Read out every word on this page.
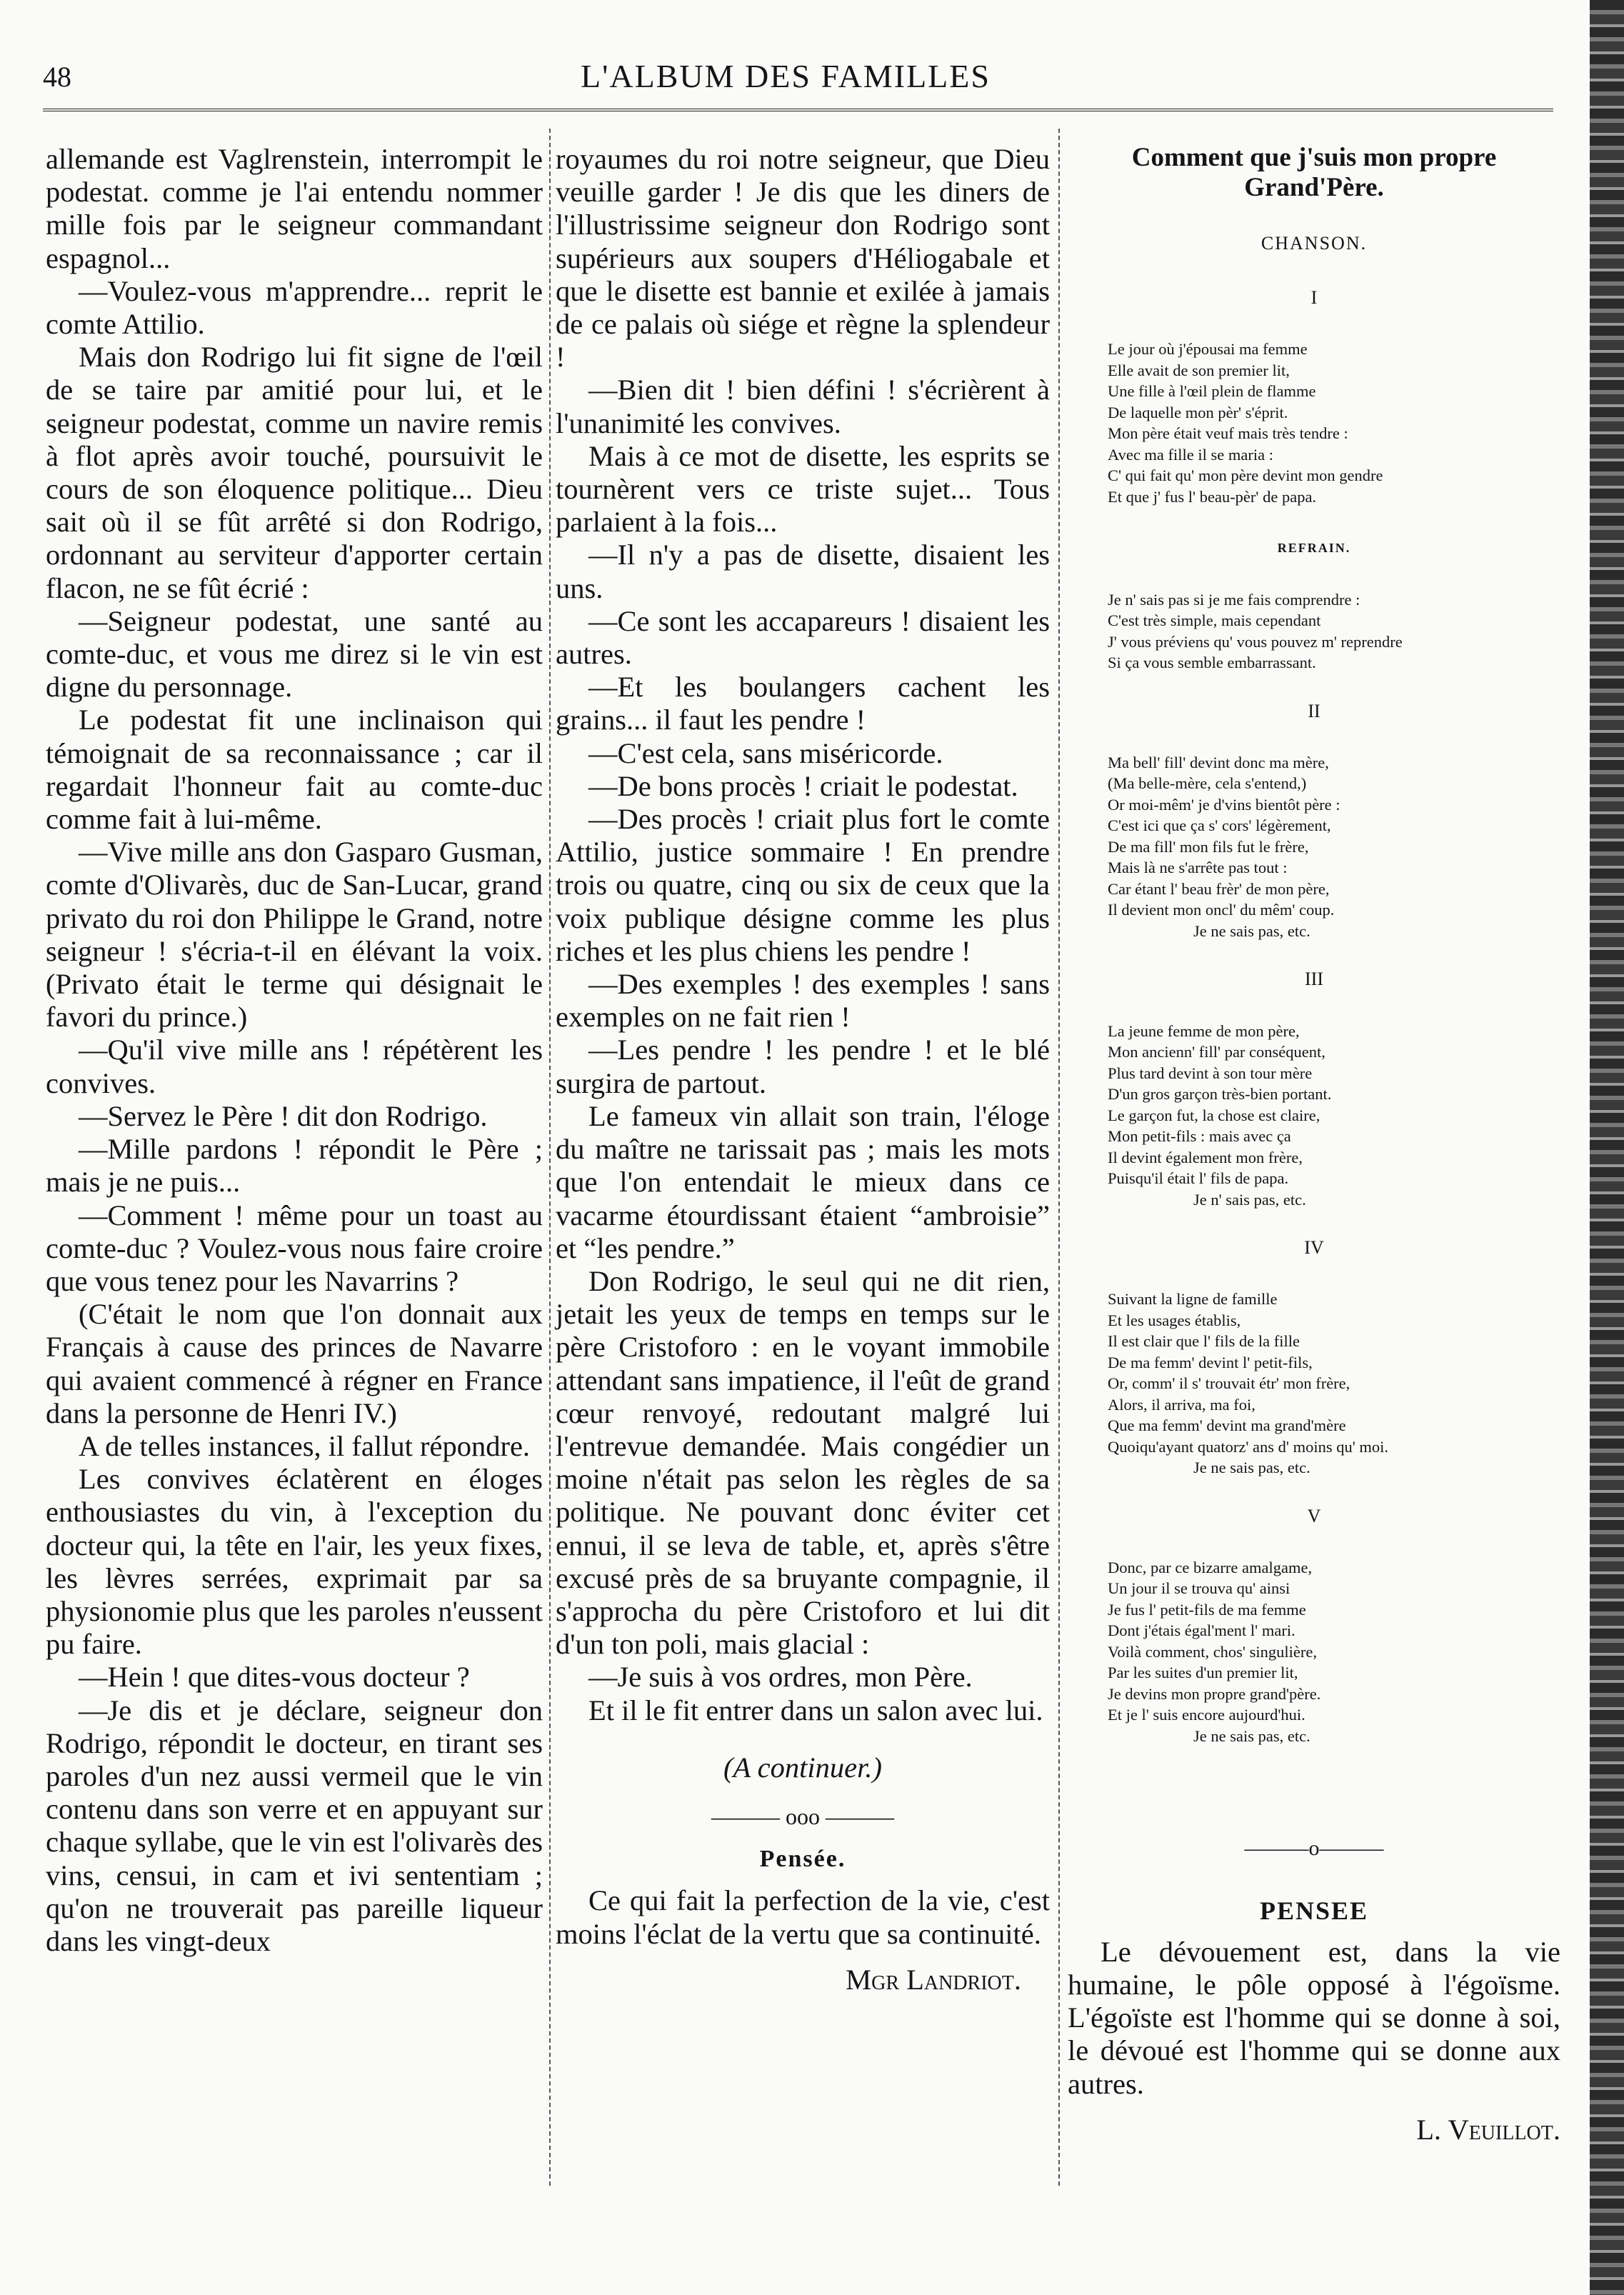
48	L'ALBUM DES FAMILLES

allemande est Vaglrenstein, interrompit le podestat. comme je l'ai entendu nommer mille fois par le seigneur commandant espagnol...

—Voulez-vous m'apprendre... reprit le comte Attilio.

Mais don Rodrigo lui fit signe de l'œil de se taire par amitié pour lui, et le seigneur podestat, comme un navire remis à flot après avoir touché, poursuivit le cours de son éloquence politique... Dieu sait où il se fût arrêté si don Rodrigo, ordonnant au serviteur d'apporter certain flacon, ne se fût écrié :

—Seigneur podestat, une santé au comte-duc, et vous me direz si le vin est digne du personnage.

Le podestat fit une inclinaison qui témoignait de sa reconnaissance ; car il regardait l'honneur fait au comte-duc comme fait à lui-même.

—Vive mille ans don Gasparo Gusman, comte d'Olivarès, duc de San-Lucar, grand privato du roi don Philippe le Grand, notre seigneur ! s'écria-t-il en élévant la voix. (Privato était le terme qui désignait le favori du prince.)

—Qu'il vive mille ans ! répétèrent les convives.

—Servez le Père ! dit don Rodrigo.

—Mille pardons ! répondit le Père ; mais je ne puis...

—Comment ! même pour un toast au comte-duc ? Voulez-vous nous faire croire que vous tenez pour les Navarrins ?

(C'était le nom que l'on donnait aux Français à cause des princes de Navarre qui avaient commencé à régner en France dans la personne de Henri IV.)

A de telles instances, il fallut répondre.

Les convives éclatèrent en éloges enthousiastes du vin, à l'exception du docteur qui, la tête en l'air, les yeux fixes, les lèvres serrées, exprimait par sa physionomie plus que les paroles n'eussent pu faire.

—Hein ! que dites-vous docteur ?

—Je dis et je déclare, seigneur don Rodrigo, répondit le docteur, en tirant ses paroles d'un nez aussi vermeil que le vin contenu dans son verre et en appuyant sur chaque syllabe, que le vin est l'olivarès des vins, censui, in cam et ivi sententiam ; qu'on ne trouverait pas pareille liqueur dans les vingt-deux

royaumes du roi notre seigneur, que Dieu veuille garder ! Je dis que les diners de l'illustrissime seigneur don Rodrigo sont supérieurs aux soupers d'Héliogabale et que le disette est bannie et exilée à jamais de ce palais où siége et règne la splendeur !

—Bien dit ! bien défini ! s'écrièrent à l'unanimité les convives.

Mais à ce mot de disette, les esprits se tournèrent vers ce triste sujet... Tous parlaient à la fois...

—Il n'y a pas de disette, disaient les uns.

—Ce sont les accapareurs ! disaient les autres.

—Et les boulangers cachent les grains... il faut les pendre !

—C'est cela, sans miséricorde.

—De bons procès ! criait le podestat.

—Des procès ! criait plus fort le comte Attilio, justice sommaire ! En prendre trois ou quatre, cinq ou six de ceux que la voix publique désigne comme les plus riches et les plus chiens les pendre !

—Des exemples ! des exemples ! sans exemples on ne fait rien !

—Les pendre ! les pendre ! et le blé surgira de partout.

Le fameux vin allait son train, l'éloge du maître ne tarissait pas ; mais les mots que l'on entendait le mieux dans ce vacarme étourdissant étaient “ambroisie” et “les pendre.”

Don Rodrigo, le seul qui ne dit rien, jetait les yeux de temps en temps sur le père Cristoforo : en le voyant immobile attendant sans impatience, il l'eût de grand cœur renvoyé, redoutant malgré lui l'entrevue demandée. Mais congédier un moine n'était pas selon les règles de sa politique. Ne pouvant donc éviter cet ennui, il se leva de table, et, après s'être excusé près de sa bruyante compagnie, il s'approcha du père Cristoforo et lui dit d'un ton poli, mais glacial :

—Je suis à vos ordres, mon Père.

Et il le fit entrer dans un salon avec lui.

(A continuer.)
——— ooo ———
Pensée.

Ce qui fait la perfection de la vie, c'est moins l'éclat de la vertu que sa continuité.

Mgr Landriot.
Comment que j'suis mon propre Grand'Père.
CHANSON.
I
Le jour où j'épousai ma femme
Elle avait de son premier lit,
Une fille à l'œil plein de flamme
De laquelle mon pèr' s'éprit.
Mon père était veuf mais très tendre :
Avec ma fille il se maria :
C' qui fait qu' mon père devint mon gendre
Et que j' fus l' beau-pèr' de papa.
REFRAIN.
Je n' sais pas si je me fais comprendre :
C'est très simple, mais cependant
J' vous préviens qu' vous pouvez m' reprendre
Si ça vous semble embarrassant.
II
Ma bell' fill' devint donc ma mère,
(Ma belle-mère, cela s'entend,)
Or moi-mêm' je d'vins bientôt père :
C'est ici que ça s' cors' légèrement,
De ma fill' mon fils fut le frère,
Mais là ne s'arrête pas tout :
Car étant l' beau frèr' de mon père,
Il devient mon oncl' du mêm' coup.
Je ne sais pas, etc.
III
La jeune femme de mon père,
Mon ancienn' fill' par conséquent,
Plus tard devint à son tour mère
D'un gros garçon très-bien portant.
Le garçon fut, la chose est claire,
Mon petit-fils : mais avec ça
Il devint également mon frère,
Puisqu'il était l' fils de papa.
Je n' sais pas, etc.
IV
Suivant la ligne de famille
Et les usages établis,
Il est clair que l' fils de la fille
De ma femm' devint l' petit-fils,
Or, comm' il s' trouvait étr' mon frère,
Alors, il arriva, ma foi,
Que ma femm' devint ma grand'mère
Quoiqu'ayant quatorz' ans d' moins qu' moi.
Je ne sais pas, etc.
V
Donc, par ce bizarre amalgame,
Un jour il se trouva qu' ainsi
Je fus l' petit-fils de ma femme
Dont j'étais égal'ment l' mari.
Voilà comment, chos' singulière,
Par les suites d'un premier lit,
Je devins mon propre grand'père.
Et je l' suis encore aujourd'hui.
Je ne sais pas, etc.
———o———
PENSEE

Le dévouement est, dans la vie humaine, le pôle opposé à l'égoïsme. L'égoïste est l'homme qui se donne à soi, le dévoué est l'homme qui se donne aux autres.

L. Veuillot.
